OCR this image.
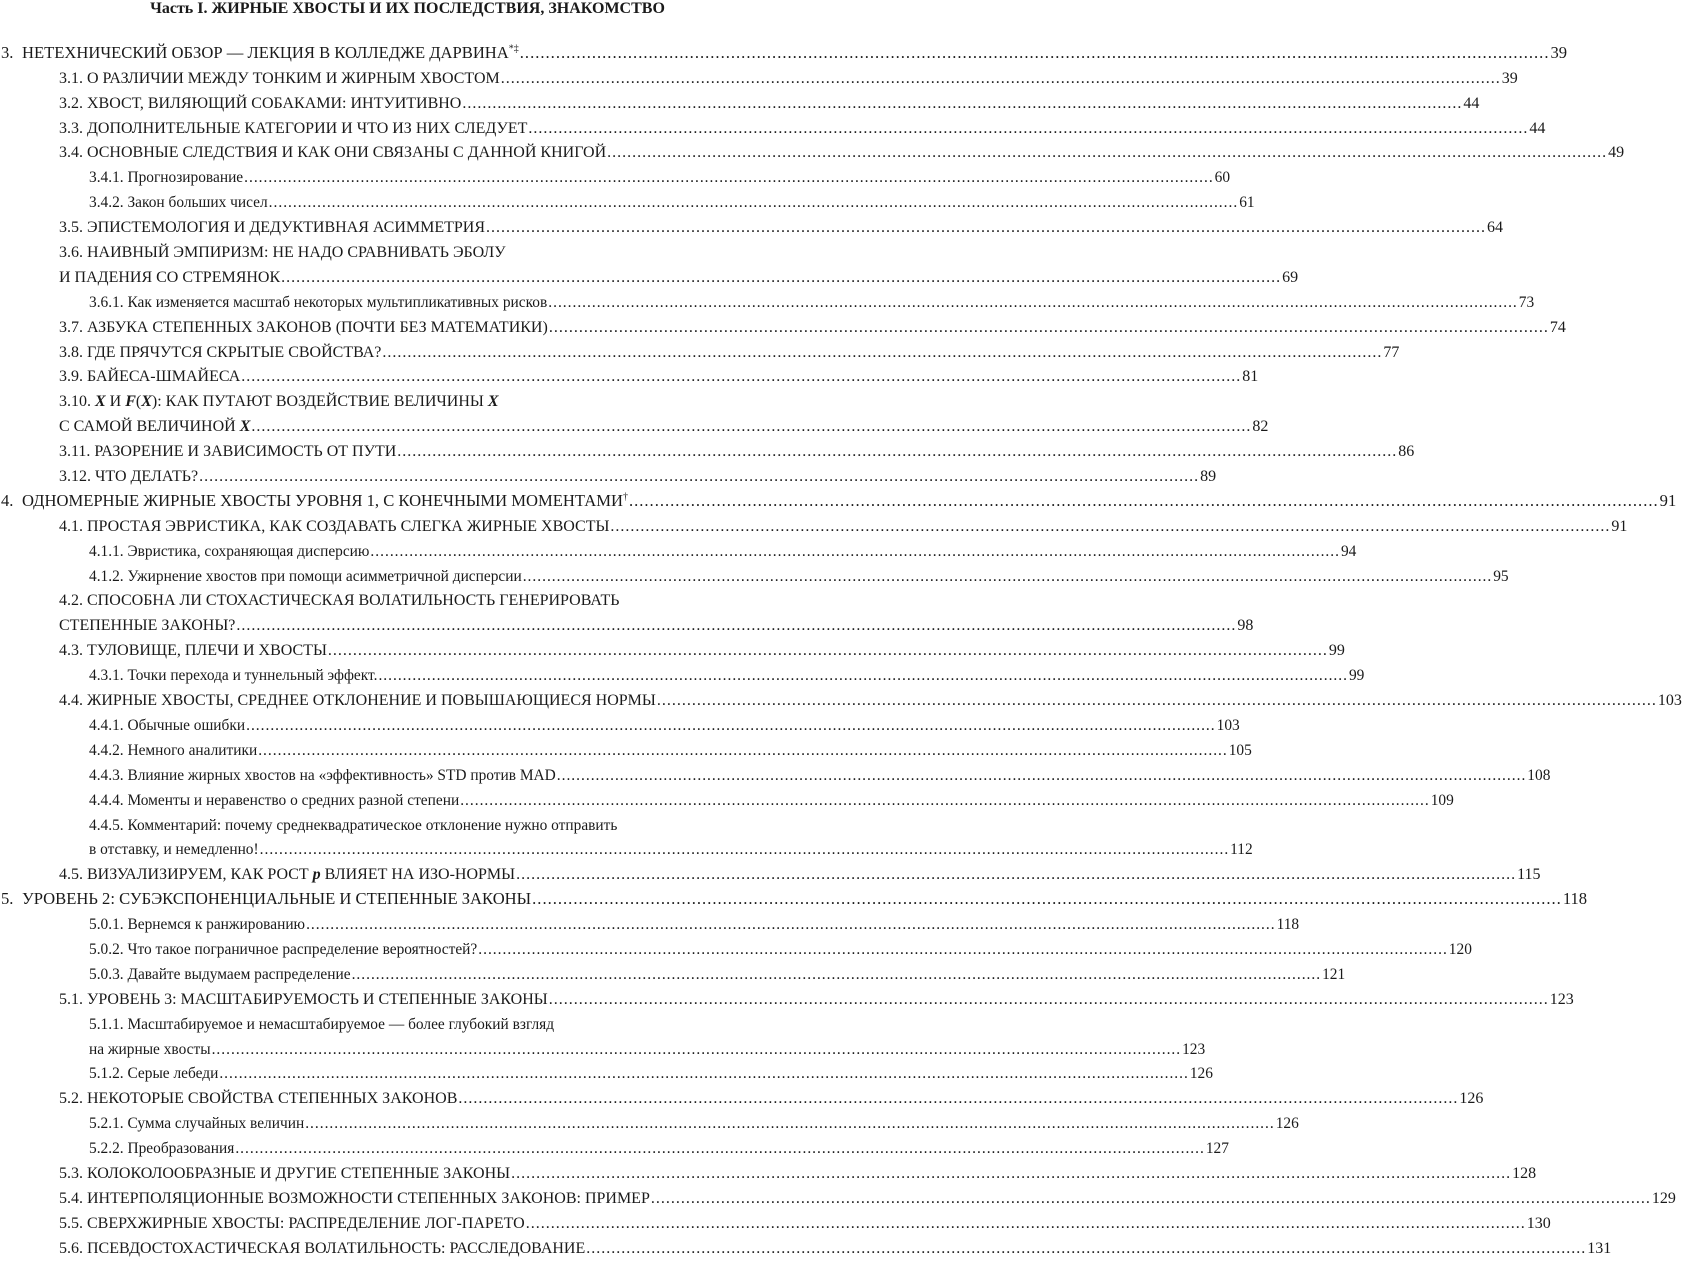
Часть I. ЖИРНЫЕ ХВОСТЫ И ИХ ПОСЛЕДСТВИЯ, ЗНАКОМСТВО
3. НЕТЕХНИЧЕСКИЙ ОБЗОР — ЛЕКЦИЯ В КОЛЛЕДЖЕ ДАРВИНА*‡ ........................................................................................................................................................................................................ 39
3.1. О РАЗЛИЧИИ МЕЖДУ ТОНКИМ И ЖИРНЫМ ХВОСТОМ ........................................................................................................................................................................................................ 39
3.2. ХВОСТ, ВИЛЯЮЩИЙ СОБАКАМИ: ИНТУИТИВНО ........................................................................................................................................................................................................ 44
3.3. ДОПОЛНИТЕЛЬНЫЕ КАТЕГОРИИ И ЧТО ИЗ НИХ СЛЕДУЕТ ........................................................................................................................................................................................................ 44
3.4. ОСНОВНЫЕ СЛЕДСТВИЯ И КАК ОНИ СВЯЗАНЫ С ДАННОЙ КНИГОЙ ........................................................................................................................................................................................................ 49
3.4.1. Прогнозирование ........................................................................................................................................................................................................ 60
3.4.2. Закон больших чисел ........................................................................................................................................................................................................ 61
3.5. ЭПИСТЕМОЛОГИЯ И ДЕДУКТИВНАЯ АСИММЕТРИЯ ........................................................................................................................................................................................................ 64
3.6. НАИВНЫЙ ЭМПИРИЗМ: НЕ НАДО СРАВНИВАТЬ ЭБОЛУ
И ПАДЕНИЯ СО СТРЕМЯНОК ........................................................................................................................................................................................................ 69
3.6.1. Как изменяется масштаб некоторых мультипликативных рисков ........................................................................................................................................................................................................ 73
3.7. АЗБУКА СТЕПЕННЫХ ЗАКОНОВ (ПОЧТИ БЕЗ МАТЕМАТИКИ) ........................................................................................................................................................................................................ 74
3.8. ГДЕ ПРЯЧУТСЯ СКРЫТЫЕ СВОЙСТВА? ........................................................................................................................................................................................................ 77
3.9. БАЙЕСА-ШМАЙЕСА ........................................................................................................................................................................................................ 81
3.10. X И F(X): КАК ПУТАЮТ ВОЗДЕЙСТВИЕ ВЕЛИЧИНЫ X
С САМОЙ ВЕЛИЧИНОЙ X ........................................................................................................................................................................................................ 82
3.11. РАЗОРЕНИЕ И ЗАВИСИМОСТЬ ОТ ПУТИ ........................................................................................................................................................................................................ 86
3.12. ЧТО ДЕЛАТЬ? ........................................................................................................................................................................................................ 89
4. ОДНОМЕРНЫЕ ЖИРНЫЕ ХВОСТЫ УРОВНЯ 1, С КОНЕЧНЫМИ МОМЕНТАМИ† ........................................................................................................................................................................................................ 91
4.1. ПРОСТАЯ ЭВРИСТИКА, КАК СОЗДАВАТЬ СЛЕГКА ЖИРНЫЕ ХВОСТЫ ........................................................................................................................................................................................................ 91
4.1.1. Эвристика, сохраняющая дисперсию ........................................................................................................................................................................................................ 94
4.1.2. Ужирнение хвостов при помощи асимметричной дисперсии ........................................................................................................................................................................................................ 95
4.2. СПОСОБНА ЛИ СТОХАСТИЧЕСКАЯ ВОЛАТИЛЬНОСТЬ ГЕНЕРИРОВАТЬ
СТЕПЕННЫЕ ЗАКОНЫ? ........................................................................................................................................................................................................ 98
4.3. ТУЛОВИЩЕ, ПЛЕЧИ И ХВОСТЫ ........................................................................................................................................................................................................ 99
4.3.1. Точки перехода и туннельный эффект. ........................................................................................................................................................................................................ 99
4.4. ЖИРНЫЕ ХВОСТЫ, СРЕДНЕЕ ОТКЛОНЕНИЕ И ПОВЫШАЮЩИЕСЯ НОРМЫ ........................................................................................................................................................................................................ 103
4.4.1. Обычные ошибки ........................................................................................................................................................................................................ 103
4.4.2. Немного аналитики ........................................................................................................................................................................................................ 105
4.4.3. Влияние жирных хвостов на «эффективность» STD против MAD ........................................................................................................................................................................................................ 108
4.4.4. Моменты и неравенство о средних разной степени ........................................................................................................................................................................................................ 109
4.4.5. Комментарий: почему среднеквадратическое отклонение нужно отправить
в отставку, и немедленно! ........................................................................................................................................................................................................ 112
4.5. ВИЗУАЛИЗИРУЕМ, КАК РОСТ p ВЛИЯЕТ НА ИЗО-НОРМЫ ........................................................................................................................................................................................................ 115
5. УРОВЕНЬ 2: СУБЭКСПОНЕНЦИАЛЬНЫЕ И СТЕПЕННЫЕ ЗАКОНЫ ........................................................................................................................................................................................................ 118
5.0.1. Вернемся к ранжированию ........................................................................................................................................................................................................ 118
5.0.2. Что такое пограничное распределение вероятностей? ........................................................................................................................................................................................................ 120
5.0.3. Давайте выдумаем распределение ........................................................................................................................................................................................................ 121
5.1. УРОВЕНЬ 3: МАСШТАБИРУЕМОСТЬ И СТЕПЕННЫЕ ЗАКОНЫ ........................................................................................................................................................................................................ 123
5.1.1. Масштабируемое и немасштабируемое — более глубокий взгляд
на жирные хвосты ........................................................................................................................................................................................................ 123
5.1.2. Серые лебеди ........................................................................................................................................................................................................ 126
5.2. НЕКОТОРЫЕ СВОЙСТВА СТЕПЕННЫХ ЗАКОНОВ ........................................................................................................................................................................................................ 126
5.2.1. Сумма случайных величин ........................................................................................................................................................................................................ 126
5.2.2. Преобразования ........................................................................................................................................................................................................ 127
5.3. КОЛОКОЛООБРАЗНЫЕ И ДРУГИЕ СТЕПЕННЫЕ ЗАКОНЫ ........................................................................................................................................................................................................ 128
5.4. ИНТЕРПОЛЯЦИОННЫЕ ВОЗМОЖНОСТИ СТЕПЕННЫХ ЗАКОНОВ: ПРИМЕР ........................................................................................................................................................................................................ 129
5.5. СВЕРХЖИРНЫЕ ХВОСТЫ: РАСПРЕДЕЛЕНИЕ ЛОГ-ПАРЕТО ........................................................................................................................................................................................................ 130
5.6. ПСЕВДОСТОХАСТИЧЕСКАЯ ВОЛАТИЛЬНОСТЬ: РАССЛЕДОВАНИЕ ........................................................................................................................................................................................................ 131
